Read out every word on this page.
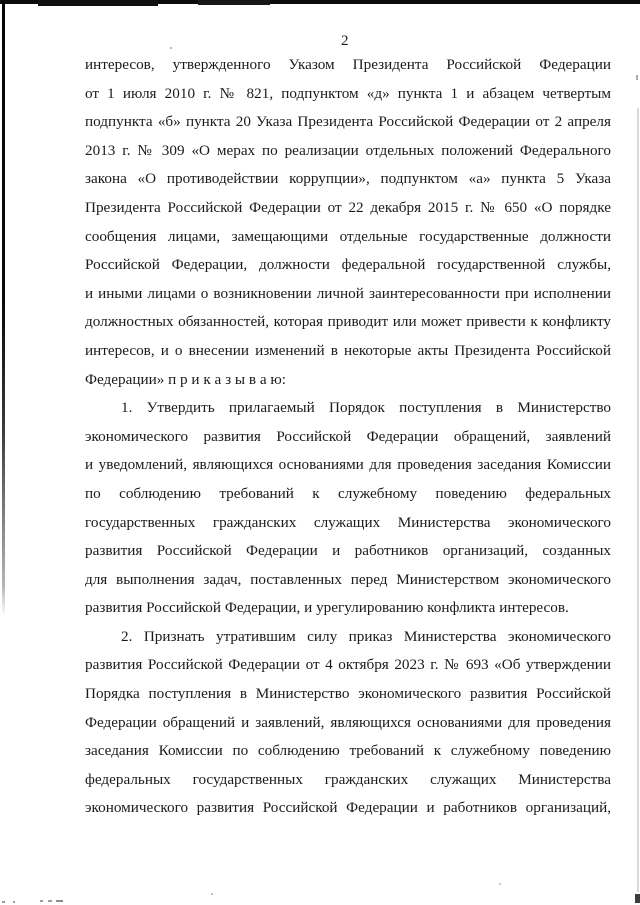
2
интересов, утвержденного Указом Президента Российской Федерации
от 1 июля 2010 г. № 821, подпунктом «д» пункта 1 и абзацем четвертым
подпункта «б» пункта 20 Указа Президента Российской Федерации от 2 апреля
2013 г. № 309 «О мерах по реализации отдельных положений Федерального
закона «О противодействии коррупции», подпунктом «а» пункта 5 Указа
Президента Российской Федерации от 22 декабря 2015 г. № 650 «О порядке
сообщения лицами, замещающими отдельные государственные должности
Российской Федерации, должности федеральной государственной службы,
и иными лицами о возникновении личной заинтересованности при исполнении
должностных обязанностей, которая приводит или может привести к конфликту
интересов, и о внесении изменений в некоторые акты Президента Российской
Федерации» п р и к а з ы в а ю:
1. Утвердить прилагаемый Порядок поступления в Министерство
экономического развития Российской Федерации обращений, заявлений
и уведомлений, являющихся основаниями для проведения заседания Комиссии
по соблюдению требований к служебному поведению федеральных
государственных гражданских служащих Министерства экономического
развития Российской Федерации и работников организаций, созданных
для выполнения задач, поставленных перед Министерством экономического
развития Российской Федерации, и урегулированию конфликта интересов.
2. Признать утратившим силу приказ Министерства экономического
развития Российской Федерации от 4 октября 2023 г. № 693 «Об утверждении
Порядка поступления в Министерство экономического развития Российской
Федерации обращений и заявлений, являющихся основаниями для проведения
заседания Комиссии по соблюдению требований к служебному поведению
федеральных государственных гражданских служащих Министерства
экономического развития Российской Федерации и работников организаций,
